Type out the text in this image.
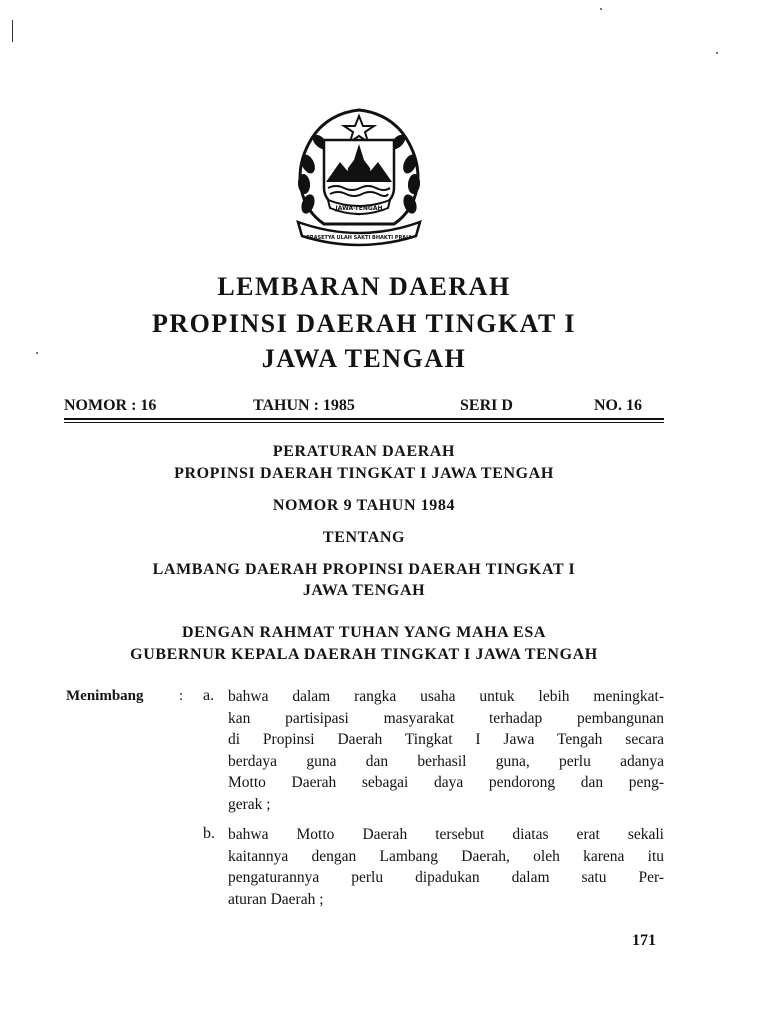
JAWA-TENGAH
PRASETYA ULAH SAKTI BHAKTI PRAJA
LEMBARAN DAERAH
PROPINSI DAERAH TINGKAT I
JAWA TENGAH
NOMOR : 16	TAHUN : 1985	SERI D	NO. 16
PERATURAN DAERAH
PROPINSI DAERAH TINGKAT I JAWA TENGAH
NOMOR 9 TAHUN 1984
TENTANG
LAMBANG DAERAH PROPINSI DAERAH TINGKAT I
JAWA TENGAH
DENGAN RAHMAT TUHAN YANG MAHA ESA
GUBERNUR KEPALA DAERAH TINGKAT I JAWA TENGAH
Menimbang : a. bahwa dalam rangka usaha untuk lebih meningkat-
kan partisipasi masyarakat terhadap pembangunan
di Propinsi Daerah Tingkat I Jawa Tengah secara
berdaya guna dan berhasil guna, perlu adanya
Motto Daerah sebagai daya pendorong dan peng-
gerak ;
b. bahwa Motto Daerah tersebut diatas erat sekali
kaitannya dengan Lambang Daerah, oleh karena itu
pengaturannya perlu dipadukan dalam satu Per-
aturan Daerah ;
171
